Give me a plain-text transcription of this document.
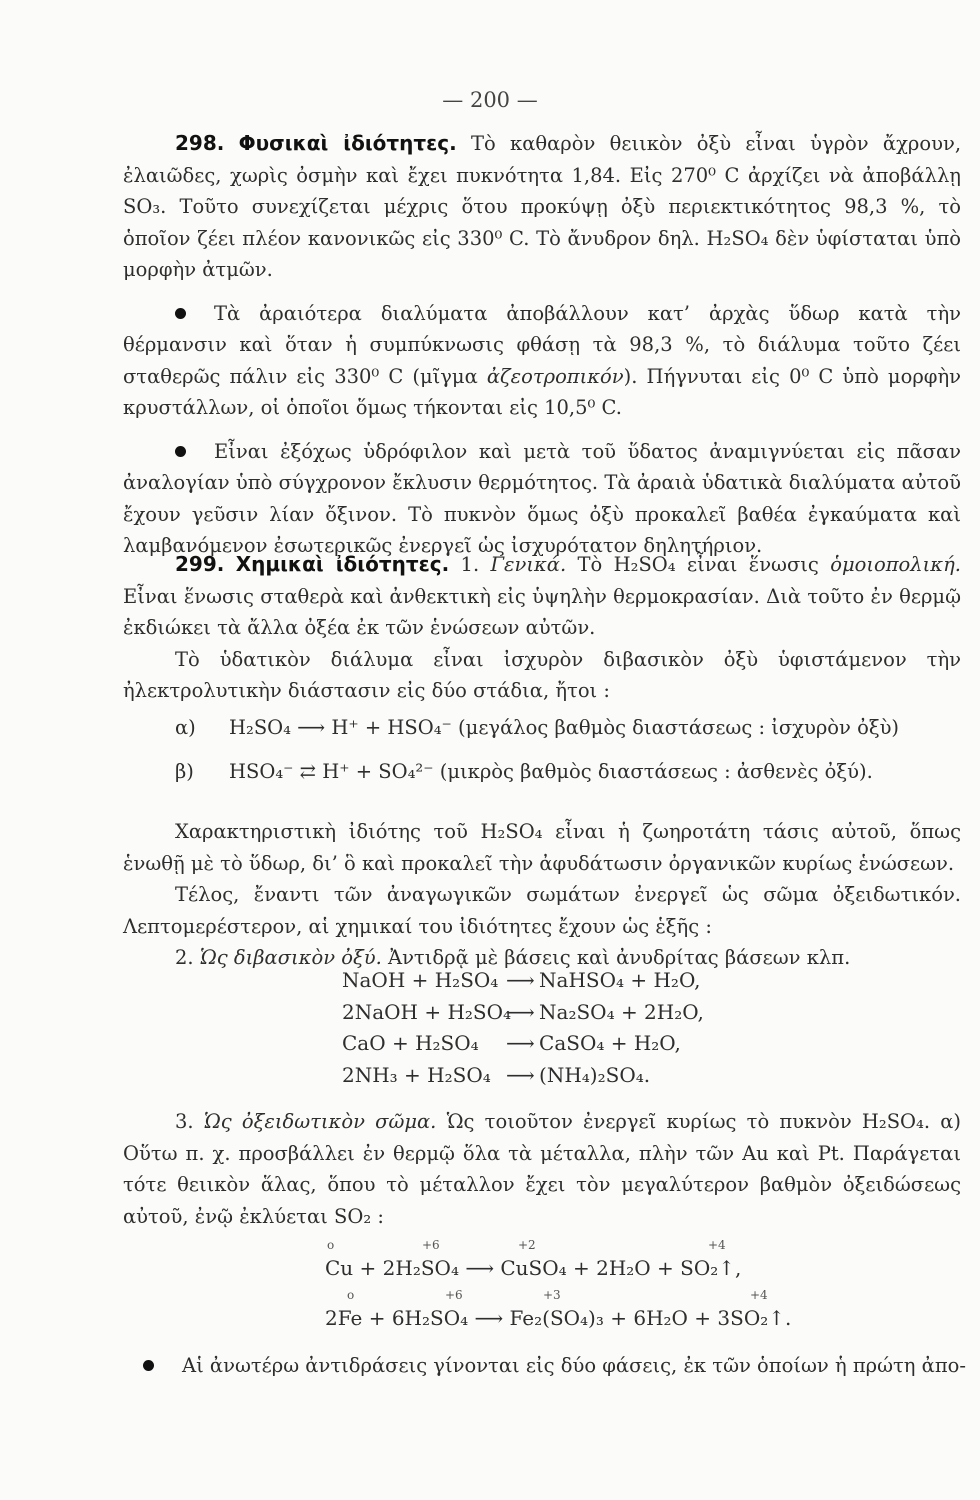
— 200 —

298. Φυσικαὶ ἰδιότητες. Τὸ καθαρὸν θειικὸν ὀξὺ εἶναι ὑγρὸν ἄχρουν, ἐλαιῶδες, χωρὶς ὀσμὴν καὶ ἔχει πυκνότητα 1,84. Εἰς 270⁰ C ἀρχίζει νὰ ἀποβάλλῃ SO₃. Τοῦτο συνεχίζεται μέχρις ὅτου προκύψῃ ὀξὺ περιεκτικότητος 98,3 %, τὸ ὁποῖον ζέει πλέον κανονικῶς εἰς 330⁰ C. Τὸ ἄνυδρον δηλ. H₂SO₄ δὲν ὑφίσταται ὑπὸ μορφὴν ἀτμῶν.

Τὰ ἀραιότερα διαλύματα ἀποβάλλουν κατ’ ἀρχὰς ὕδωρ κατὰ τὴν θέρμανσιν καὶ ὅταν ἡ συμπύκνωσις φθάσῃ τὰ 98,3 %, τὸ διάλυμα τοῦτο ζέει σταθερῶς πάλιν εἰς 330⁰ C (μῖγμα ἀζεοτροπικόν). Πήγνυται εἰς 0⁰ C ὑπὸ μορφὴν κρυστάλλων, οἱ ὁποῖοι ὅμως τήκονται εἰς 10,5⁰ C.

Εἶναι ἐξόχως ὑδρόφιλον καὶ μετὰ τοῦ ὕδατος ἀναμιγνύεται εἰς πᾶσαν ἀναλογίαν ὑπὸ σύγχρονον ἔκλυσιν θερμότητος. Τὰ ἀραιὰ ὑδατικὰ διαλύματα αὐτοῦ ἔχουν γεῦσιν λίαν ὄξινον. Τὸ πυκνὸν ὅμως ὀξὺ προκαλεῖ βαθέα ἐγκαύματα καὶ λαμβανόμενον ἐσωτερικῶς ἐνεργεῖ ὡς ἰσχυρότατον δηλητήριον.

299. Χημικαὶ ἰδιότητες. 1. Γενικά. Τὸ H₂SO₄ εἶναι ἕνωσις ὁμοιοπολική. Εἶναι ἕνωσις σταθερὰ καὶ ἀνθεκτικὴ εἰς ὑψηλὴν θερμοκρασίαν. Διὰ τοῦτο ἐν θερμῷ ἐκδιώκει τὰ ἄλλα ὀξέα ἐκ τῶν ἑνώσεων αὐτῶν.

Τὸ ὑδατικὸν διάλυμα εἶναι ἰσχυρὸν διβασικὸν ὀξὺ ὑφιστάμενον τὴν ἠλεκτρολυτικὴν διάστασιν εἰς δύο στάδια, ἤτοι :

α) H₂SO₄ ⟶ H⁺ + HSO₄⁻ (μεγάλος βαθμὸς διαστάσεως : ἰσχυρὸν ὀξὺ)
β) HSO₄⁻ ⇄ H⁺ + SO₄²⁻ (μικρὸς βαθμὸς διαστάσεως : ἀσθενὲς ὀξύ).

Χαρακτηριστικὴ ἰδιότης τοῦ H₂SO₄ εἶναι ἡ ζωηροτάτη τάσις αὐτοῦ, ὅπως ἑνωθῇ μὲ τὸ ὕδωρ, δι’ ὃ καὶ προκαλεῖ τὴν ἀφυδάτωσιν ὀργανικῶν κυρίως ἑνώσεων.

Τέλος, ἔναντι τῶν ἀναγωγικῶν σωμάτων ἐνεργεῖ ὡς σῶμα ὀξειδωτικόν. Λεπτομερέστερον, αἱ χημικαί του ἰδιότητες ἔχουν ὡς ἑξῆς :

2. Ὡς διβασικὸν ὀξύ. Ἀντιδρᾷ μὲ βάσεις καὶ ἀνυδρίτας βάσεων κλπ.

NaOH + H₂SO₄ ⟶ NaHSO₄ + H₂O,
2NaOH + H₂SO₄⟶ Na₂SO₄ + 2H₂O,
CaO + H₂SO₄ ⟶ CaSO₄ + H₂O,
2NH₃ + H₂SO₄ ⟶ (NH₄)₂SO₄.

3. Ὡς ὀξειδωτικὸν σῶμα. Ὡς τοιοῦτον ἐνεργεῖ κυρίως τὸ πυκνὸν H₂SO₄. α) Οὕτω π. χ. προσβάλλει ἐν θερμῷ ὅλα τὰ μέταλλα, πλὴν τῶν Au καὶ Pt. Παράγεται τότε θειικὸν ἅλας, ὅπου τὸ μέταλλον ἔχει τὸν μεγαλύτερον βαθμὸν ὀξειδώσεως αὐτοῦ, ἐνῷ ἐκλύεται SO₂ :

o	+6	+2	+4
Cu + 2H₂SO₄ ⟶ CuSO₄ + 2H₂O + SO₂↑,
o	+6	+3	+4
2Fe + 6H₂SO₄ ⟶ Fe₂(SO₄)₃ + 6H₂O + 3SO₂↑.

Αἱ ἀνωτέρω ἀντιδράσεις γίνονται εἰς δύο φάσεις, ἐκ τῶν ὁποίων ἡ πρώτη ἀπο-
